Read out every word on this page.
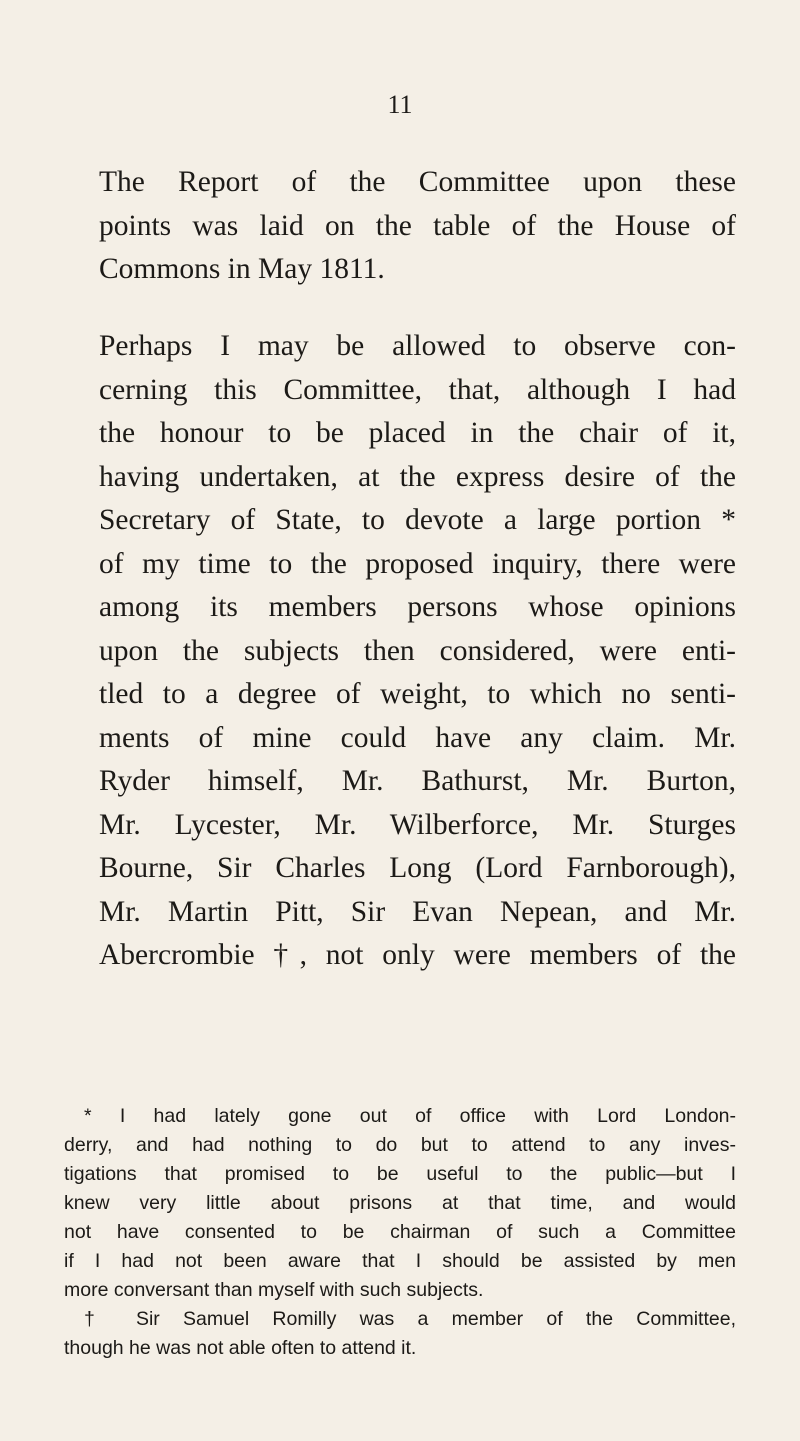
11

The Report of the Committee upon these
points was laid on the table of the House of
Commons in May 1811.

Perhaps I may be allowed to observe con-
cerning this Committee, that, although I had
the honour to be placed in the chair of it,
having undertaken, at the express desire of the
Secretary of State, to devote a large portion *
of my time to the proposed inquiry, there were
among its members persons whose opinions
upon the subjects then considered, were enti-
tled to a degree of weight, to which no senti-
ments of mine could have any claim. Mr.
Ryder himself, Mr. Bathurst, Mr. Burton,
Mr. Lycester, Mr. Wilberforce, Mr. Sturges
Bourne, Sir Charles Long (Lord Farnborough),
Mr. Martin Pitt, Sir Evan Nepean, and Mr.
Abercrombie †, not only were members of the

* I had lately gone out of office with Lord London-
derry, and had nothing to do but to attend to any inves-
tigations that promised to be useful to the public—but I
knew very little about prisons at that time, and would
not have consented to be chairman of such a Committee
if I had not been aware that I should be assisted by men
more conversant than myself with such subjects.
† Sir Samuel Romilly was a member of the Committee,
though he was not able often to attend it.
